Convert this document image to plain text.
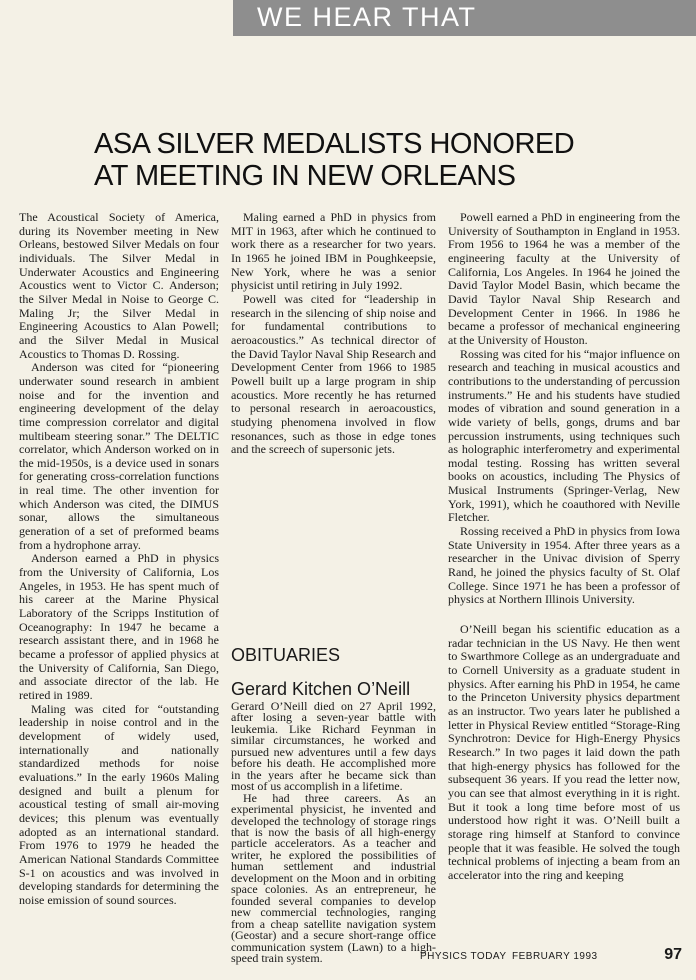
WE HEAR THAT
ASA SILVER MEDALISTS HONORED
AT MEETING IN NEW ORLEANS

The Acoustical Society of America, during its November meeting in New Orleans, bestowed Silver Medals on four individuals. The Silver Medal in Underwater Acoustics and Engineering Acoustics went to Victor C. Anderson; the Silver Medal in Noise to George C. Maling Jr; the Silver Medal in Engineering Acoustics to Alan Powell; and the Silver Medal in Musical Acoustics to Thomas D. Rossing.

Anderson was cited for “pioneering underwater sound research in ambient noise and for the invention and engineering development of the delay time compression correlator and digital multibeam steering sonar.” The DELTIC correlator, which Anderson worked on in the mid-1950s, is a device used in sonars for generating cross-correlation functions in real time. The other invention for which Anderson was cited, the DIMUS sonar, allows the simultaneous generation of a set of preformed beams from a hydrophone array.

Anderson earned a PhD in physics from the University of California, Los Angeles, in 1953. He has spent much of his career at the Marine Physical Laboratory of the Scripps Institution of Oceanography: In 1947 he became a research assistant there, and in 1968 he became a professor of applied physics at the University of California, San Diego, and associate director of the lab. He retired in 1989.

Maling was cited for “outstanding leadership in noise control and in the development of widely used, internationally and nationally standardized methods for noise evaluations.” In the early 1960s Maling designed and built a plenum for acoustical testing of small air-moving devices; this plenum was eventually adopted as an international standard. From 1976 to 1979 he headed the American National Standards Committee S-1 on acoustics and was involved in developing standards for determining the noise emission of sound sources.

Maling earned a PhD in physics from MIT in 1963, after which he continued to work there as a researcher for two years. In 1965 he joined IBM in Poughkeepsie, New York, where he was a senior physicist until retiring in July 1992.

Powell was cited for “leadership in research in the silencing of ship noise and for fundamental contributions to aeroacoustics.” As technical director of the David Taylor Naval Ship Research and Development Center from 1966 to 1985 Powell built up a large program in ship acoustics. More recently he has returned to personal research in aeroacoustics, studying phenomena involved in flow resonances, such as those in edge tones and the screech of supersonic jets.

Powell earned a PhD in engineering from the University of Southampton in England in 1953. From 1956 to 1964 he was a member of the engineering faculty at the University of California, Los Angeles. In 1964 he joined the David Taylor Model Basin, which became the David Taylor Naval Ship Research and Development Center in 1966. In 1986 he became a professor of mechanical engineering at the University of Houston.

Rossing was cited for his “major influence on research and teaching in musical acoustics and contributions to the understanding of percussion instruments.” He and his students have studied modes of vibration and sound generation in a wide variety of bells, gongs, drums and bar percussion instruments, using techniques such as holographic interferometry and experimental modal testing. Rossing has written several books on acoustics, including The Physics of Musical Instruments (Springer-Verlag, New York, 1991), which he coauthored with Neville Fletcher.

Rossing received a PhD in physics from Iowa State University in 1954. After three years as a researcher in the Univac division of Sperry Rand, he joined the physics faculty of St. Olaf College. Since 1971 he has been a professor of physics at Northern Illinois University.

OBITUARIES

Gerard Kitchen O’Neill

Gerard O’Neill died on 27 April 1992, after losing a seven-year battle with leukemia. Like Richard Feynman in similar circumstances, he worked and pursued new adventures until a few days before his death. He accomplished more in the years after he became sick than most of us accomplish in a lifetime.

He had three careers. As an experimental physicist, he invented and developed the technology of storage rings that is now the basis of all high-energy particle accelerators. As a teacher and writer, he explored the possibilities of human settlement and industrial development on the Moon and in orbiting space colonies. As an entrepreneur, he founded several companies to develop new commercial technologies, ranging from a cheap satellite navigation system (Geostar) and a secure short-range office communication system (Lawn) to a high-speed train system.

O’Neill began his scientific education as a radar technician in the US Navy. He then went to Swarthmore College as an undergraduate and to Cornell University as a graduate student in physics. After earning his PhD in 1954, he came to the Princeton University physics department as an instructor. Two years later he published a letter in Physical Review entitled “Storage-Ring Synchrotron: Device for High-Energy Physics Research.” In two pages it laid down the path that high-energy physics has followed for the subsequent 36 years. If you read the letter now, you can see that almost everything in it is right. But it took a long time before most of us understood how right it was. O’Neill built a storage ring himself at Stanford to convince people that it was feasible. He solved the tough technical problems of injecting a beam from an accelerator into the ring and keeping

PHYSICS TODAY FEBRUARY 1993	97
